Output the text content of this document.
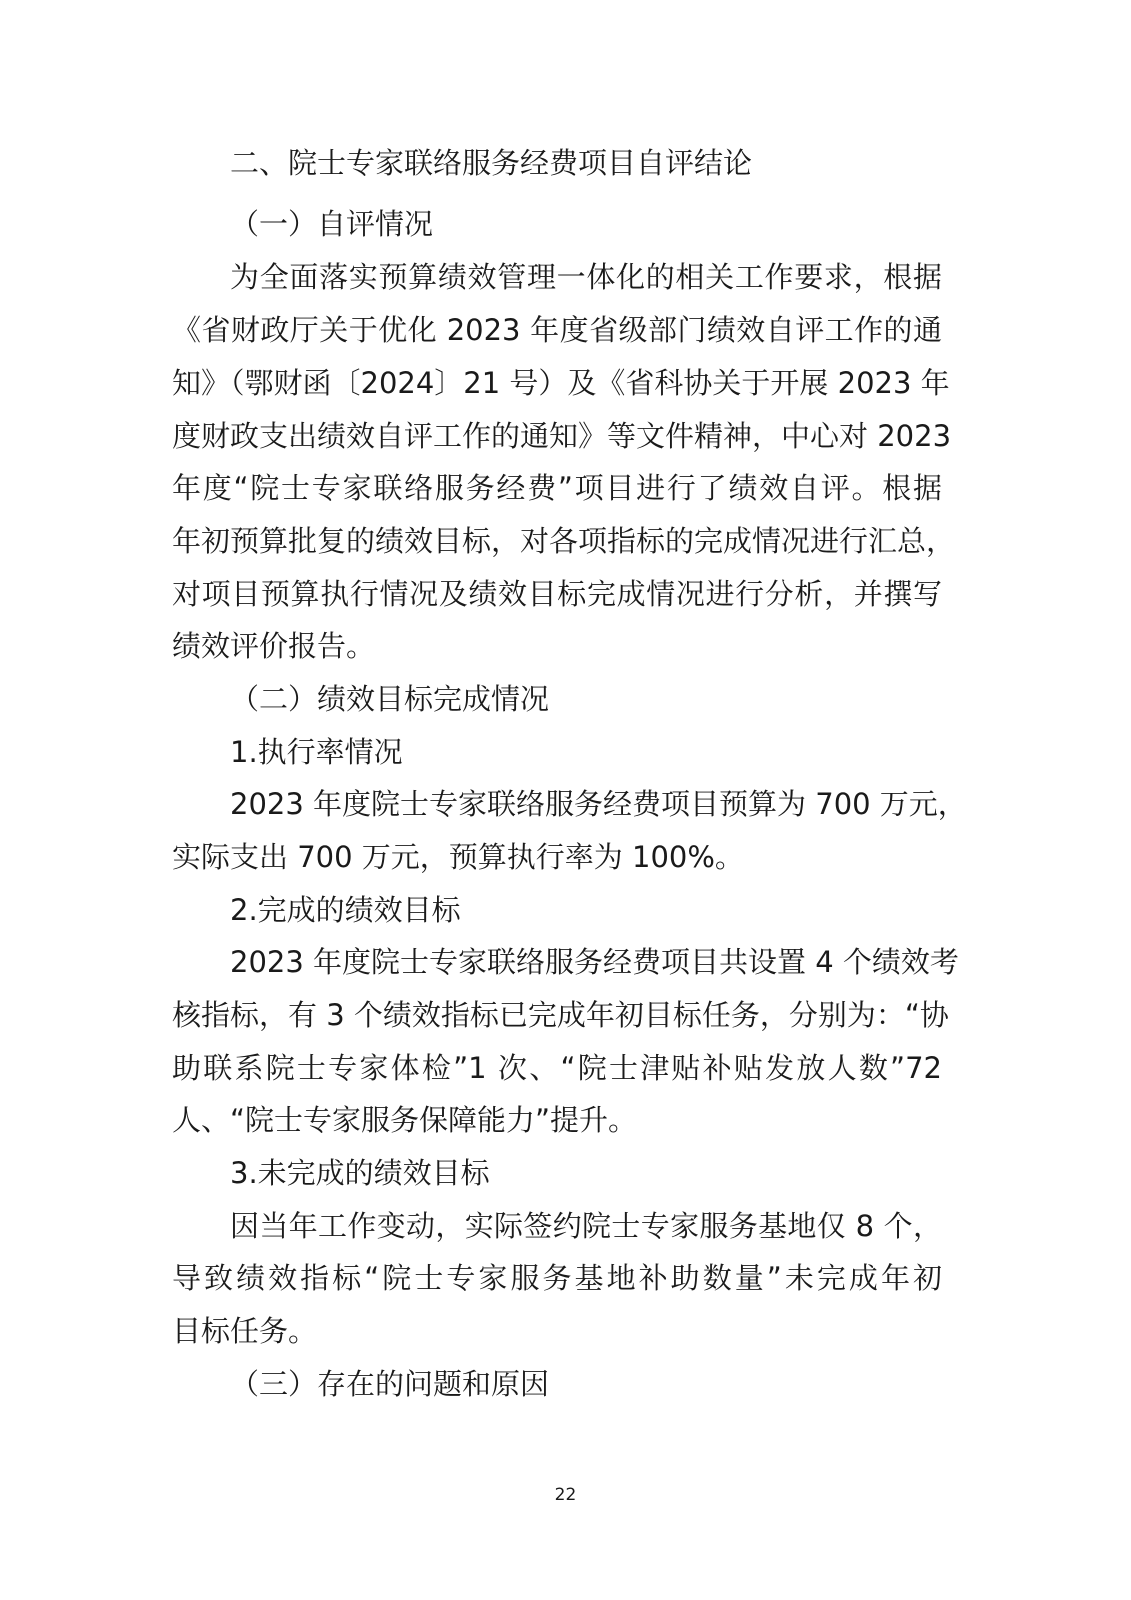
二、院士专家联络服务经费项目自评结论
（一）自评情况
为全面落实预算绩效管理一体化的相关工作要求，根据
《省财政厅关于优化 2023 年度省级部门绩效自评工作的通
知》（鄂财函〔2024〕21 号）及《省科协关于开展 2023 年
度财政支出绩效自评工作的通知》等文件精神，中心对 2023
年度“院士专家联络服务经费”项目进行了绩效自评。根据
年初预算批复的绩效目标，对各项指标的完成情况进行汇总，
对项目预算执行情况及绩效目标完成情况进行分析，并撰写
绩效评价报告。
（二）绩效目标完成情况
1.执行率情况
2023 年度院士专家联络服务经费项目预算为 700 万元，
实际支出 700 万元，预算执行率为 100%。
2.完成的绩效目标
2023 年度院士专家联络服务经费项目共设置 4 个绩效考
核指标，有 3 个绩效指标已完成年初目标任务，分别为：“协
助联系院士专家体检”1 次、“院士津贴补贴发放人数”72
人、“院士专家服务保障能力”提升。
3.未完成的绩效目标
因当年工作变动，实际签约院士专家服务基地仅 8 个，
导致绩效指标“院士专家服务基地补助数量”未完成年初
目标任务。
（三）存在的问题和原因
22
